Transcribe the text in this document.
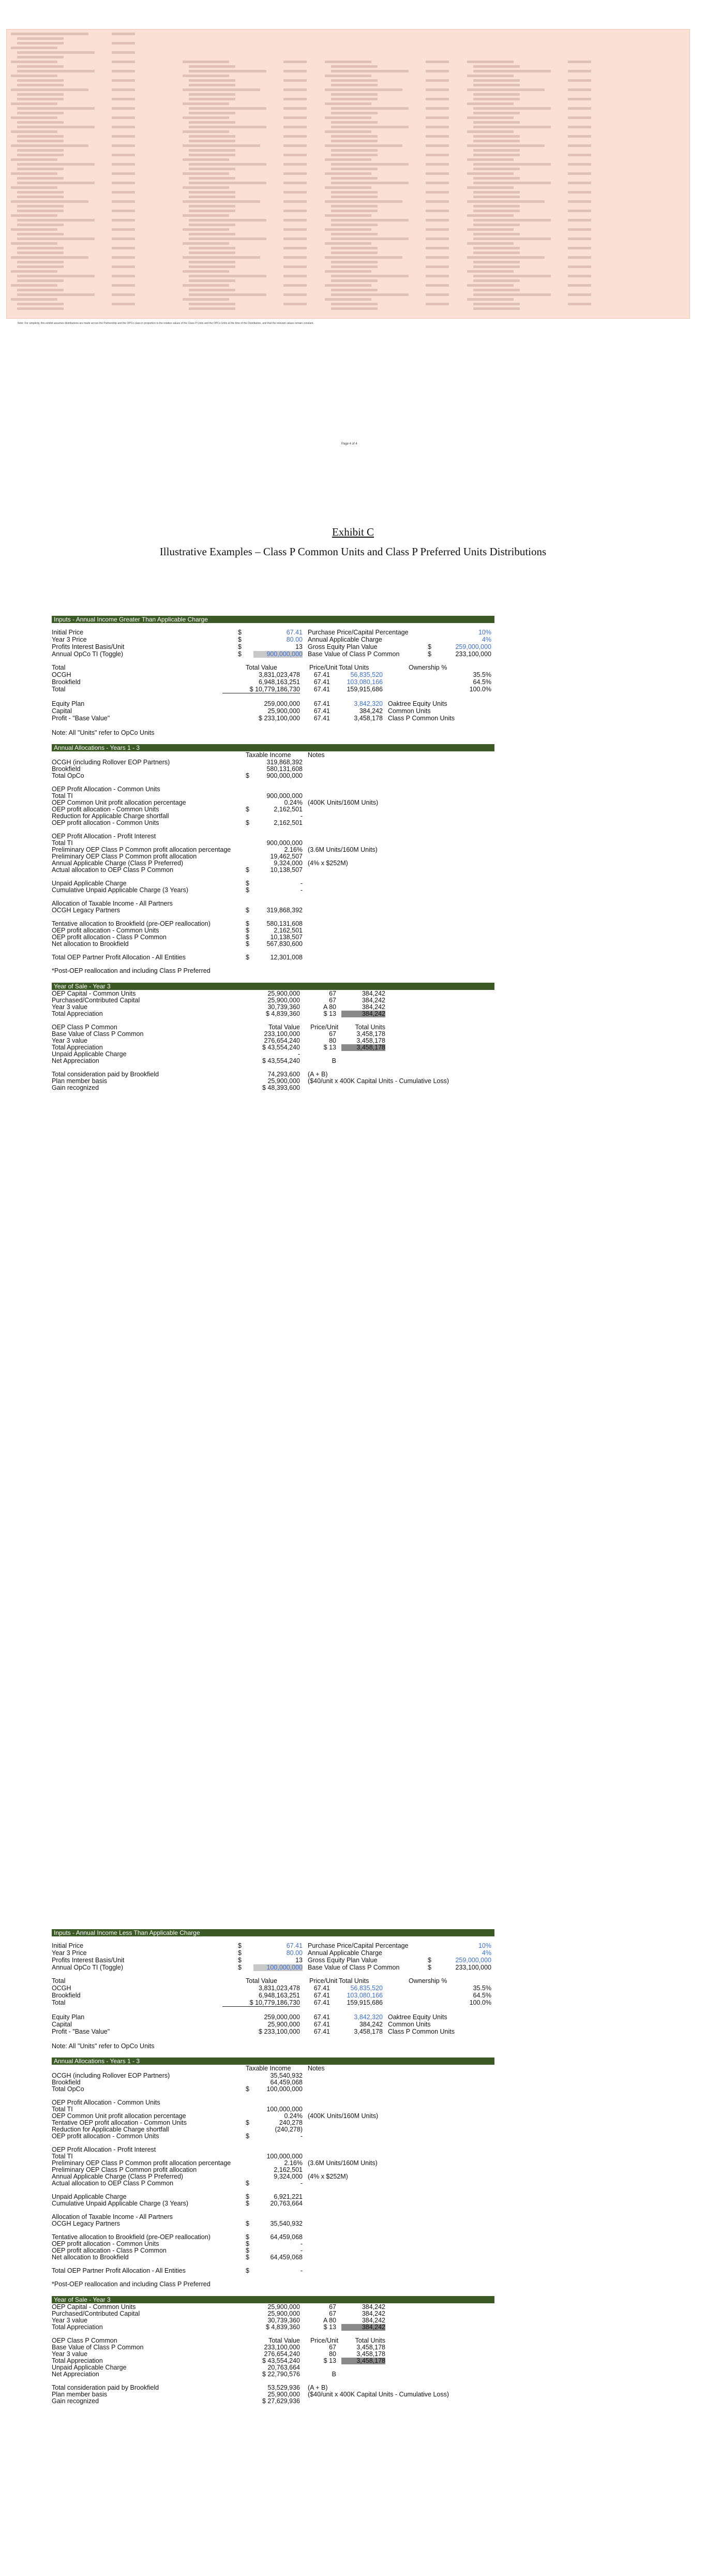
Note: For simplicity, this exhibit assumes distributions are made across the Partnership and the OPCo class in proportion to the relative values of the Class P Units and the OPCo Units at the time of the Distribution, and that the relevant values remain constant.
Page 4 of 4
Exhibit C
Illustrative Examples – Class P Common Units and Class P Preferred Units Distributions
Inputs - Annual Income Greater Than Applicable Charge
Initial Price	$	67.41 Purchase Price/Capital Percentage	10%
Year 3 Price	$	80.00 Annual Applicable Charge	4%
Profits Interest Basis/Unit	$	13 Gross Equity Plan Value	$	259,000,000
Annual OpCo TI (Toggle)	$	900,000,000 Base Value of Class P Common	$	233,100,000
Total	Total Value	Price/Unit Total Units	Ownership %
OCGH	3,831,023,478	67.41	56,835,520	35.5%
Brookfield	6,948,163,251	67.41	103,080,166	64.5%
Total	$ 10,779,186,730	67.41	159,915,686	100.0%
Equity Plan	259,000,000	67.41	3,842,320 Oaktree Equity Units
Capital	25,900,000	67.41	384,242 Common Units
Profit - "Base Value"	$ 233,100,000	67.41	3,458,178 Class P Common Units
Note: All "Units" refer to OpCo Units
Annual Allocations - Years 1 - 3
Taxable Income	Notes
OCGH (including Rollover EOP Partners)	319,868,392
Brookfield	580,131,608
Total OpCo	$	900,000,000
OEP Profit Allocation - Common Units
Total TI	900,000,000
OEP Common Unit profit allocation percentage	0.24% (400K Units/160M Units)
OEP profit allocation - Common Units	$	2,162,501
Reduction for Applicable Charge shortfall	-
OEP profit allocation - Common Units	$	2,162,501
OEP Profit Allocation - Profit Interest
Total TI	900,000,000
Preliminary OEP Class P Common profit allocation percentage	2.16% (3.6M Units/160M Units)
Preliminary OEP Class P Common profit allocation	19,462,507
Annual Applicable Charge (Class P Preferred)	9,324,000 (4% x $252M)
Actual allocation to OEP Class P Common	$	10,138,507
Unpaid Applicable Charge	$	-
Cumulative Unpaid Applicable Charge (3 Years)	$	-
Allocation of Taxable Income - All Partners
OCGH Legacy Partners	$	319,868,392
Tentative allocation to Brookfield (pre-OEP reallocation)	$	580,131,608
OEP profit allocation - Common Units	$	2,162,501
OEP profit allocation - Class P Common	$	10,138,507
Net allocation to Brookfield	$	567,830,600
Total OEP Partner Profit Allocation - All Entities	$	12,301,008
*Post-OEP reallocation and including Class P Preferred
Year of Sale - Year 3
OEP Capital - Common Units	25,900,000	67	384,242
Purchased/Contributed Capital	25,900,000	67	384,242
Year 3 value	30,739,360	A 80	384,242
Total Appreciation	$ 4,839,360	$ 13	384,242
OEP Class P Common	Total Value Price/Unit	Total Units
Base Value of Class P Common	233,100,000	67	3,458,178
Year 3 value	276,654,240	80	3,458,178
Total Appreciation	$ 43,554,240	$ 13	3,458,178
Unpaid Applicable Charge	-
Net Appreciation	$ 43,554,240	B
Total consideration paid by Brookfield	74,293,600 (A + B)
Plan member basis	25,900,000 ($40/unit x 400K Capital Units - Cumulative Loss)
Gain recognized	$ 48,393,600
Inputs - Annual Income Less Than Applicable Charge
Initial Price	$	67.41 Purchase Price/Capital Percentage	10%
Year 3 Price	$	80.00 Annual Applicable Charge	4%
Profits Interest Basis/Unit	$	13 Gross Equity Plan Value	$	259,000,000
Annual OpCo TI (Toggle)	$	100,000,000 Base Value of Class P Common	$	233,100,000
Total	Total Value	Price/Unit Total Units	Ownership %
OCGH	3,831,023,478	67.41	56,835,520	35.5%
Brookfield	6,948,163,251	67.41	103,080,166	64.5%
Total	$ 10,779,186,730	67.41	159,915,686	100.0%
Equity Plan	259,000,000	67.41	3,842,320 Oaktree Equity Units
Capital	25,900,000	67.41	384,242 Common Units
Profit - "Base Value"	$ 233,100,000	67.41	3,458,178 Class P Common Units
Note: All "Units" refer to OpCo Units
Annual Allocations - Years 1 - 3
Taxable Income	Notes
OCGH (including Rollover EOP Partners)	35,540,932
Brookfield	64,459,068
Total OpCo	$	100,000,000
OEP Profit Allocation - Common Units
Total TI	100,000,000
OEP Common Unit profit allocation percentage	0.24% (400K Units/160M Units)
Tentative OEP profit allocation - Common Units	$	240,278
Reduction for Applicable Charge shortfall	(240,278)
OEP profit allocation - Common Units	$	-
OEP Profit Allocation - Profit Interest
Total TI	100,000,000
Preliminary OEP Class P Common profit allocation percentage	2.16% (3.6M Units/160M Units)
Preliminary OEP Class P Common profit allocation	2,162,501
Annual Applicable Charge (Class P Preferred)	9,324,000 (4% x $252M)
Actual allocation to OEP Class P Common	$	-
Unpaid Applicable Charge	$	6,921,221
Cumulative Unpaid Applicable Charge (3 Years)	$	20,763,664
Allocation of Taxable Income - All Partners
OCGH Legacy Partners	$	35,540,932
Tentative allocation to Brookfield (pre-OEP reallocation)	$	64,459,068
OEP profit allocation - Common Units	$	-
OEP profit allocation - Class P Common	$	-
Net allocation to Brookfield	$	64,459,068
Total OEP Partner Profit Allocation - All Entities	$	-
*Post-OEP reallocation and including Class P Preferred
Year of Sale - Year 3
OEP Capital - Common Units	25,900,000	67	384,242
Purchased/Contributed Capital	25,900,000	67	384,242
Year 3 value	30,739,360	A 80	384,242
Total Appreciation	$ 4,839,360	$ 13	384,242
OEP Class P Common	Total Value Price/Unit	Total Units
Base Value of Class P Common	233,100,000	67	3,458,178
Year 3 value	276,654,240	80	3,458,178
Total Appreciation	$ 43,554,240	$ 13	3,458,178
Unpaid Applicable Charge	20,763,664
Net Appreciation	$ 22,790,576	B
Total consideration paid by Brookfield	53,529,936 (A + B)
Plan member basis	25,900,000 ($40/unit x 400K Capital Units - Cumulative Loss)
Gain recognized	$ 27,629,936
